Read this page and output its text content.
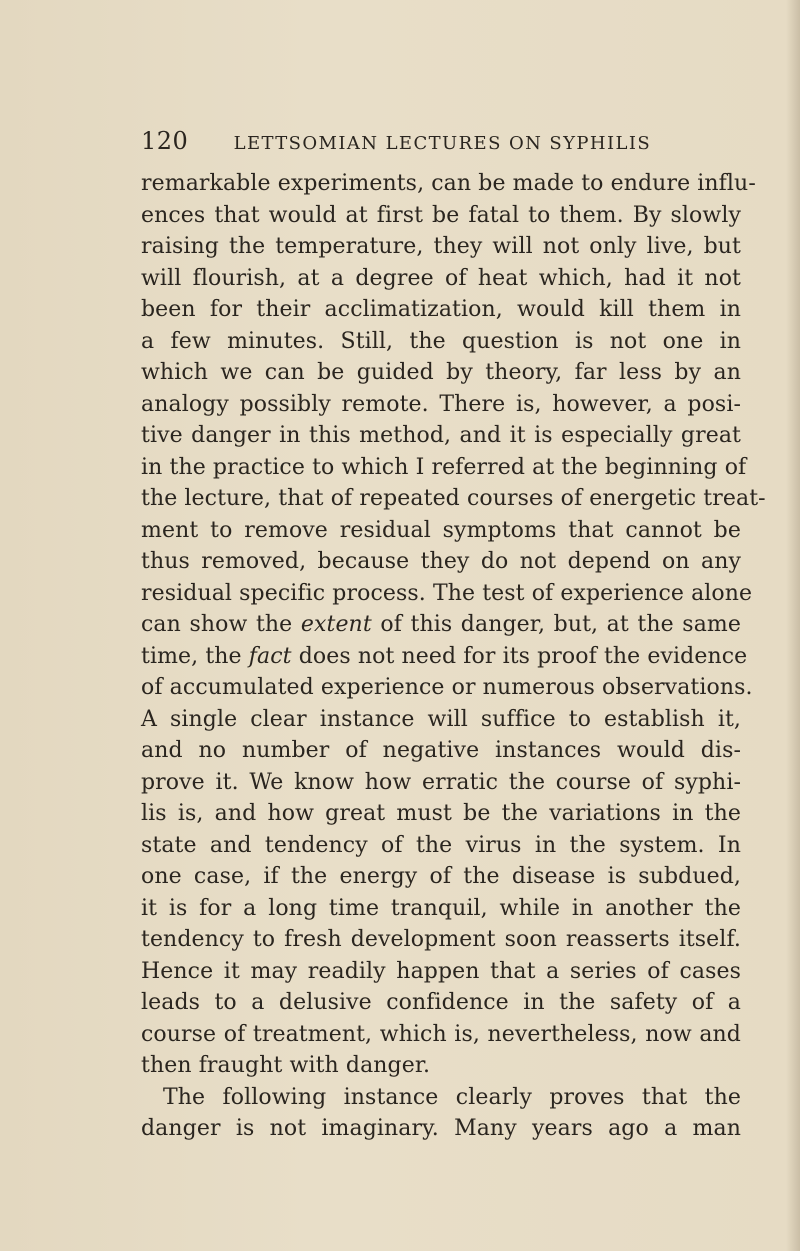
120	LETTSOMIAN LECTURES ON SYPHILIS
remarkable experiments, can be made to endure influ-
ences that would at first be fatal to them. By slowly
raising the temperature, they will not only live, but
will flourish, at a degree of heat which, had it not
been for their acclimatization, would kill them in
a few minutes. Still, the question is not one in
which we can be guided by theory, far less by an
analogy possibly remote. There is, however, a posi-
tive danger in this method, and it is especially great
in the practice to which I referred at the beginning of
the lecture, that of repeated courses of energetic treat-
ment to remove residual symptoms that cannot be
thus removed, because they do not depend on any
residual specific process. The test of experience alone
can show the extent of this danger, but, at the same
time, the fact does not need for its proof the evidence
of accumulated experience or numerous observations.
A single clear instance will suffice to establish it,
and no number of negative instances would dis-
prove it. We know how erratic the course of syphi-
lis is, and how great must be the variations in the
state and tendency of the virus in the system. In
one case, if the energy of the disease is subdued,
it is for a long time tranquil, while in another the
tendency to fresh development soon reasserts itself.
Hence it may readily happen that a series of cases
leads to a delusive confidence in the safety of a
course of treatment, which is, nevertheless, now and
then fraught with danger.
The following instance clearly proves that the
danger is not imaginary. Many years ago a man
